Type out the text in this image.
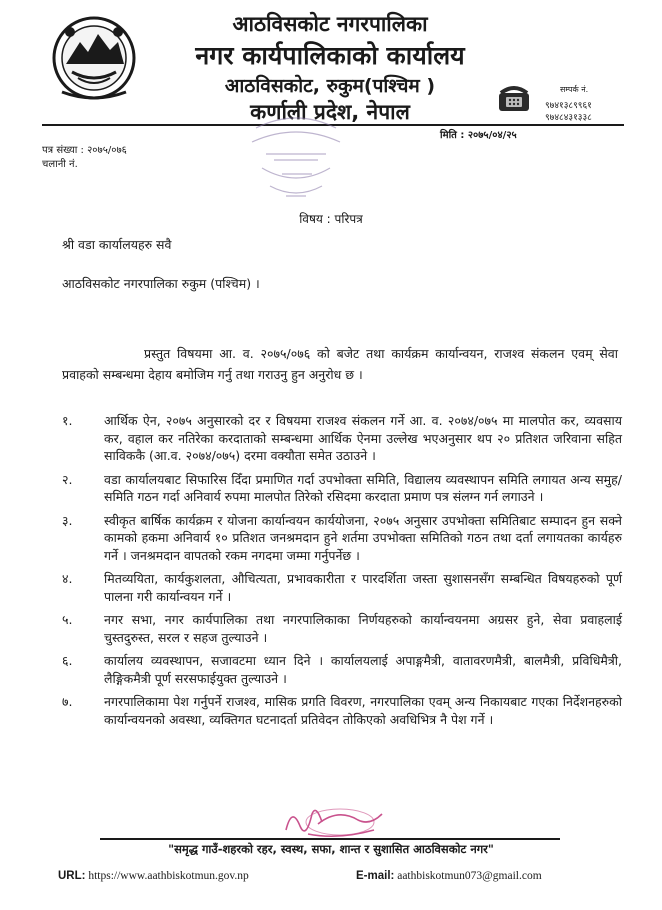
आठविसकोट नगरपालिका
नगर कार्यपालिकाको कार्यालय
आठविसकोट, रुकुम(पश्चिम )
कर्णाली प्रदेश, नेपाल
सम्पर्क नं.
९७४१३८९९६१
९७४८४३१३३८
मिति : २०७५/०४/२५
पत्र संख्या : २०७५/०७६
चलानी नं.
विषय : परिपत्र
श्री वडा कार्यालयहरु सवै
आठविसकोट नगरपालिका रुकुम (पश्चिम) ।
प्रस्तुत विषयमा आ. व. २०७५/०७६ को बजेट तथा कार्यक्रम कार्यान्वयन, राजश्व संकलन एवम् सेवा प्रवाहको सम्बन्धमा देहाय बमोजिम गर्नु तथा गराउनु हुन अनुरोध छ ।
१.	आर्थिक ऐन, २०७५ अनुसारको दर र विषयमा राजश्व संकलन गर्ने आ. व. २०७४/०७५ मा मालपोत कर, व्यवसाय कर, वहाल कर नतिरेका करदाताको सम्बन्धमा आर्थिक ऐनमा उल्लेख भएअनुसार थप २० प्रतिशत जरिवाना सहित साविककै (आ.व. २०७४/०७५) दरमा वक्यौता समेत उठाउने ।
२.	वडा कार्यालयबाट सिफारिस दिँदा प्रमाणित गर्दा उपभोक्ता समिति, विद्यालय व्यवस्थापन समिति लगायत अन्य समुह/समिति गठन गर्दा अनिवार्य रुपमा मालपोत तिरेको रसिदमा करदाता प्रमाण पत्र संलग्न गर्न लगाउने ।
३.	स्वीकृत बार्षिक कार्यक्रम र योजना कार्यान्वयन कार्ययोजना, २०७५ अनुसार उपभोक्ता समितिबाट सम्पादन हुन सक्ने कामको हकमा अनिवार्य १० प्रतिशत जनश्रमदान हुने शर्तमा उपभोक्ता समितिको गठन तथा दर्ता लगायतका कार्यहरु गर्ने । जनश्रमदान वापतको रकम नगदमा जम्मा गर्नुपर्नेछ ।
४.	मितव्ययिता, कार्यकुशलता, औचित्यता, प्रभावकारीता र पारदर्शिता जस्ता सुशासनसँग सम्बन्धित विषयहरुको पूर्ण पालना गरी कार्यान्वयन गर्ने ।
५.	नगर सभा, नगर कार्यपालिका तथा नगरपालिकाका निर्णयहरुको कार्यान्वयनमा अग्रसर हुने, सेवा प्रवाहलाई चुस्तदुरुस्त, सरल र सहज तुल्याउने ।
६.	कार्यालय व्यवस्थापन, सजावटमा ध्यान दिने । कार्यालयलाई अपाङ्गमैत्री, वातावरणमैत्री, बालमैत्री, प्रविधिमैत्री, लैङ्गिकमैत्री पूर्ण सरसफाईयुक्त तुल्याउने ।
७.	नगरपालिकामा पेश गर्नुपर्ने राजश्व, मासिक प्रगति विवरण, नगरपालिका एवम् अन्य निकायबाट गएका निर्देशनहरुको कार्यान्वयनको अवस्था, व्यक्तिगत घटनादर्ता प्रतिवेदन तोकिएको अवधिभित्र नै पेश गर्ने ।
"समृद्ध गाउँ-शहरको रहर, स्वस्थ, सफा, शान्त र सुशासित आठविसकोट नगर"
URL: https://www.aathbiskotmun.gov.np	E-mail: aathbiskotmun073@gmail.com
